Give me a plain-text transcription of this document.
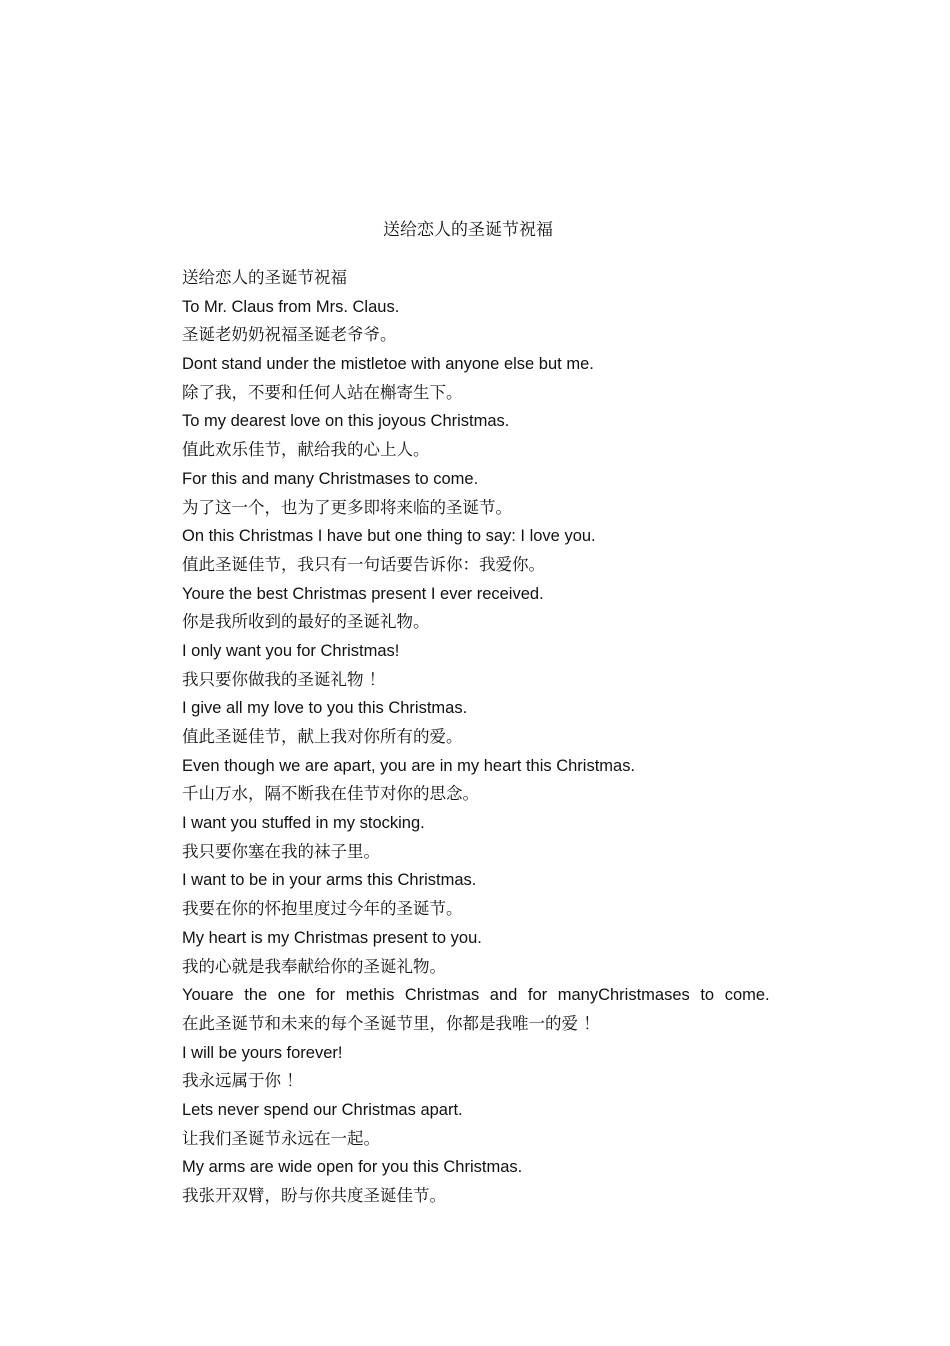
送给恋人的圣诞节祝福
送给恋人的圣诞节祝福
To Mr. Claus from Mrs. Claus.
圣诞老奶奶祝福圣诞老爷爷。
Dont stand under the mistletoe with anyone else but me.
除了我，不要和任何人站在槲寄生下。
To my dearest love on this joyous Christmas.
值此欢乐佳节，献给我的心上人。
For this and many Christmases to come.
为了这一个，也为了更多即将来临的圣诞节。
On this Christmas I have but one thing to say: I love you.
值此圣诞佳节，我只有一句话要告诉你：我爱你。
Youre the best Christmas present I ever received.
你是我所收到的最好的圣诞礼物。
I only want you for Christmas!
我只要你做我的圣诞礼物 ！
I give all my love to you this Christmas.
值此圣诞佳节，献上我对你所有的爱。
Even though we are apart, you are in my heart this Christmas.
千山万水，隔不断我在佳节对你的思念。
I want you stuffed in my stocking.
我只要你塞在我的袜子里。
I want to be in your arms this Christmas.
我要在你的怀抱里度过今年的圣诞节。
My heart is my Christmas present to you.
我的心就是我奉献给你的圣诞礼物。
Youare the one for methis Christmas and for manyChristmases to come.
在此圣诞节和未来的每个圣诞节里，你都是我唯一的爱 ！
I will be yours forever!
我永远属于你 ！
Lets never spend our Christmas apart.
让我们圣诞节永远在一起。
My arms are wide open for you this Christmas.
我张开双臂，盼与你共度圣诞佳节。
